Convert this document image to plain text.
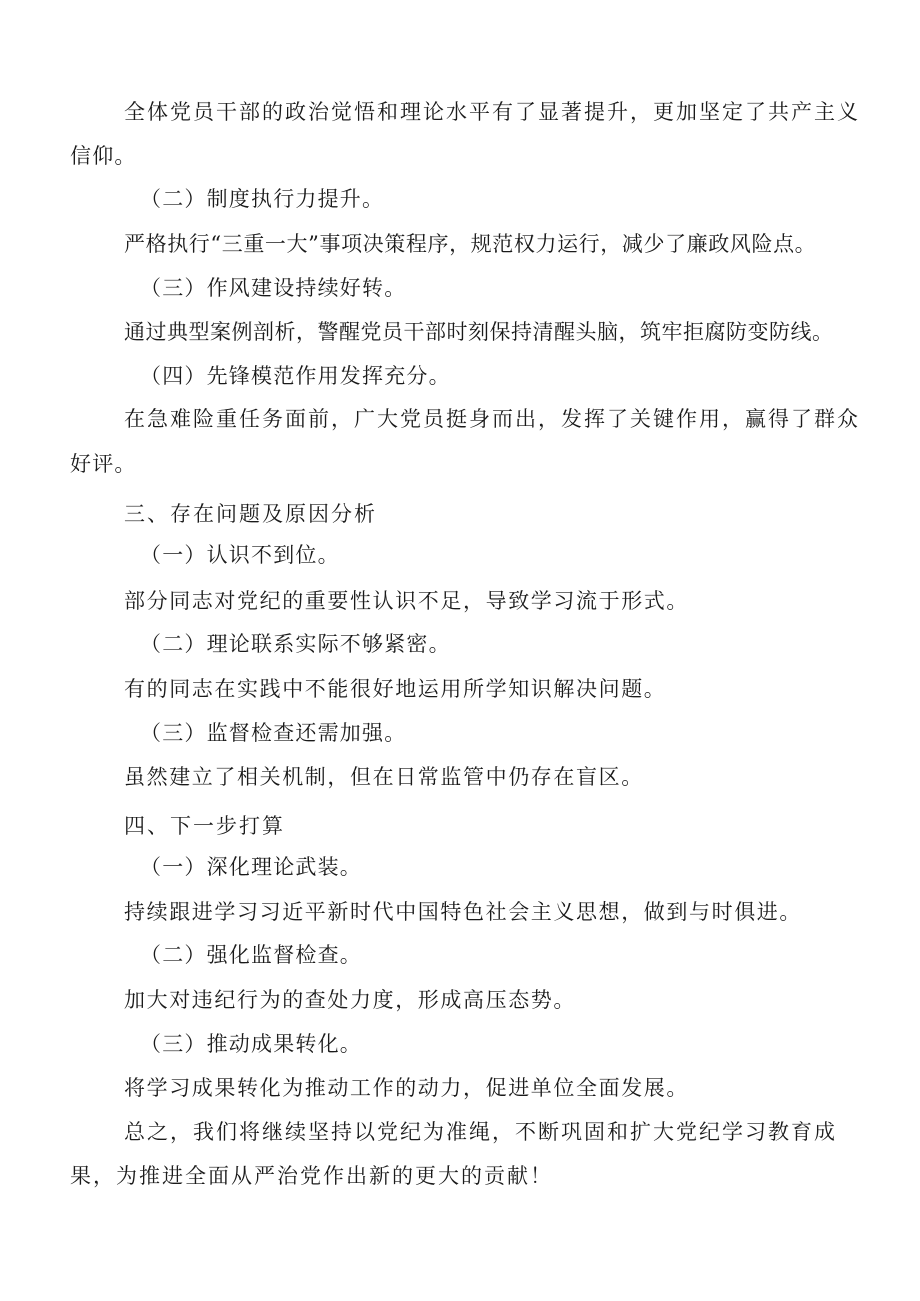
全体党员干部的政治觉悟和理论水平有了显著提升，更加坚定了共产主义
信仰。
（二）制度执行力提升。
严格执行“三重一大”事项决策程序，规范权力运行，减少了廉政风险点。
（三）作风建设持续好转。
通过典型案例剖析，警醒党员干部时刻保持清醒头脑，筑牢拒腐防变防线。
（四）先锋模范作用发挥充分。
在急难险重任务面前，广大党员挺身而出，发挥了关键作用，赢得了群众
好评。
三、存在问题及原因分析
（一）认识不到位。
部分同志对党纪的重要性认识不足，导致学习流于形式。
（二）理论联系实际不够紧密。
有的同志在实践中不能很好地运用所学知识解决问题。
（三）监督检查还需加强。
虽然建立了相关机制，但在日常监管中仍存在盲区。
四、下一步打算
（一）深化理论武装。
持续跟进学习习近平新时代中国特色社会主义思想，做到与时俱进。
（二）强化监督检查。
加大对违纪行为的查处力度，形成高压态势。
（三）推动成果转化。
将学习成果转化为推动工作的动力，促进单位全面发展。
总之，我们将继续坚持以党纪为准绳，不断巩固和扩大党纪学习教育成
果，为推进全面从严治党作出新的更大的贡献！
